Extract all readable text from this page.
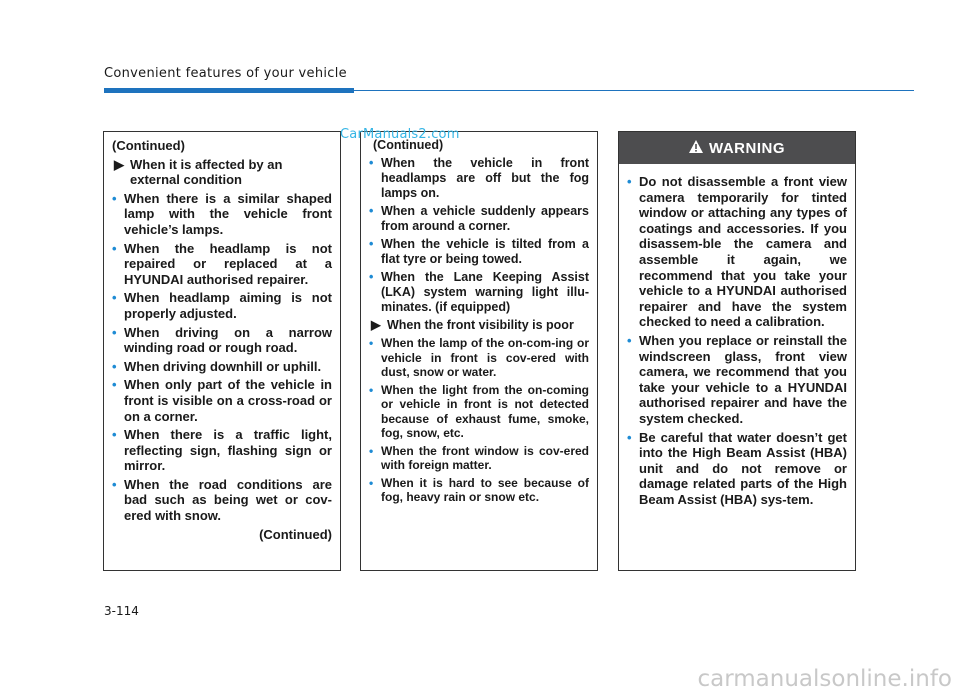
Convenient features of your vehicle

(Continued)

▶ When it is affected by an external condition
• When there is a similar shaped lamp with the vehicle front vehicle’s lamps.
• When the headlamp is not repaired or replaced at a HYUNDAI authorised repairer.
• When headlamp aiming is not properly adjusted.
• When driving on a narrow winding road or rough road.
• When driving downhill or uphill.
• When only part of the vehicle in front is visible on a cross-road or on a corner.
• When there is a traffic light, reflecting sign, flashing sign or mirror.
• When the road conditions are bad such as being wet or cov-ered with snow.

(Continued)

(Continued)

• When the vehicle in front headlamps are off but the fog lamps on.
• When a vehicle suddenly appears from around a corner.
• When the vehicle is tilted from a flat tyre or being towed.
• When the Lane Keeping Assist (LKA) system warning light illu-minates. (if equipped)
▶ When the front visibility is poor
• When the lamp of the on-com-ing or vehicle in front is cov-ered with dust, snow or water.
• When the light from the on-coming or vehicle in front is not detected because of exhaust fume, smoke, fog, snow, etc.
• When the front window is cov-ered with foreign matter.
• When it is hard to see because of fog, heavy rain or snow etc.
WARNING
• Do not disassemble a front view camera temporarily for tinted window or attaching any types of coatings and accessories. If you disassem-ble the camera and assemble it again, we recommend that you take your vehicle to a HYUNDAI authorised repairer and have the system checked to need a calibration.
• When you replace or reinstall the windscreen glass, front view camera, we recommend that you take your vehicle to a HYUNDAI authorised repairer and have the system checked.
• Be careful that water doesn’t get into the High Beam Assist (HBA) unit and do not remove or damage related parts of the High Beam Assist (HBA) sys-tem.
CarManuals2.com
3-114
carmanualsonline.info
